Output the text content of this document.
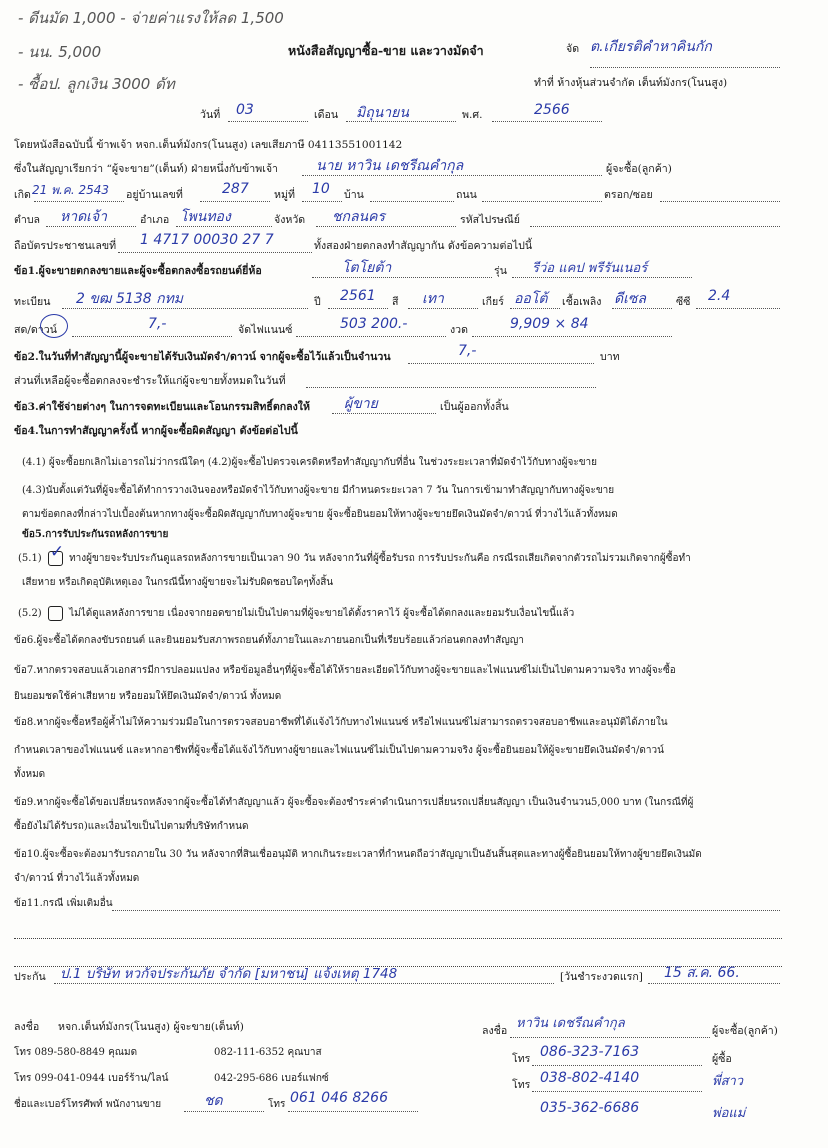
- ดีนมัด 1,000 - จ่ายค่าแรงให้ลด 1,500
- นน. 5,000
- ซื้อป. ลูกเงิน 3000 ดัท
หนังสือสัญญาซื้อ-ขาย และวางมัดจำ	จัด ต.เกียรติคำหาคินกัก
ทำที่ ห้างหุ้นส่วนจำกัด เต็นท์มังกร(โนนสูง)
วันที่ 03	เดือน มิถุนายน	พ.ศ.	2566
โดยหนังสือฉบับนี้ ข้าพเจ้า หจก.เต็นท์มังกร(โนนสูง) เลขเสียภาษี 04113551001142
ซึ่งในสัญญาเรียกว่า “ผู้จะขาย”(เต็นท์) ฝ่ายหนึ่งกับข้าพเจ้า	นาย หาวิน เดชรีณคำกุล	ผู้จะซื้อ(ลูกค้า)
เกิด 21 พ.ค. 2543 อยู่บ้านเลขที่	287 หมู่ที่ 10 บ้าน	ถนน	ตรอก/ซอย
ตำบล หาดเจ้า	อำเภอ โพนทอง	จังหวัด ชกลนคร	รหัสไปรษณีย์
ถือบัตรประชาชนเลขที่ 1 4717 00030 27 7	ทั้งสองฝ่ายตกลงทำสัญญากัน ดังข้อความต่อไปนี้
ข้อ1.ผู้จะขายตกลงขายและผู้จะซื้อตกลงซื้อรถยนต์ยี่ห้อ	โตโยต้า	รุ่น รีว่อ แคป พรีรันเนอร์
ทะเบียน 2 ขฒ 5138 กทม	ปี 2561 สี เทา	เกียร์ ออโต้ เชื้อเพลิง ดีเซล	ซีซี 2.4
สด/ดาวน์	7,-	จัดไฟแนนซ์	503 200.-	งวด	9,909 × 84
ข้อ2.ในวันที่ทำสัญญานี้ผู้จะขายได้รับเงินมัดจำ/ดาวน์ จากผู้จะซื้อไว้แล้วเป็นจำนวน	7,-	บาท
ส่วนที่เหลือผู้จะซื้อตกลงจะชำระให้แก่ผู้จะขายทั้งหมดในวันที่
ข้อ3.ค่าใช้จ่ายต่างๆ ในการจดทะเบียนและโอนกรรมสิทธิ์ตกลงให้ ผู้ขาย	เป็นผู้ออกทั้งสิ้น
ข้อ4.ในการทำสัญญาครั้งนี้ หากผู้จะซื้อผิดสัญญา ดังข้อต่อไปนี้
(4.1) ผู้จะซื้อยกเลิกไม่เอารถไม่ว่ากรณีใดๆ (4.2)ผู้จะซื้อไปตรวจเครดิตหรือทำสัญญากับที่อื่น ในช่วงระยะเวลาที่มัดจำไว้กับทางผู้จะขาย
(4.3)นับตั้งแต่วันที่ผู้จะซื้อได้ทำการวางเงินจองหรือมัดจำไว้กับทางผู้จะขาย มีกำหนดระยะเวลา 7 วัน ในการเข้ามาทำสัญญากับทางผู้จะขาย
ตามข้อตกลงที่กล่าวไปเบื้องต้นหากทางผู้จะซื้อผิดสัญญากับทางผู้จะขาย ผู้จะซื้อยินยอมให้ทางผู้จะขายยึดเงินมัดจำ/ดาวน์ ที่วางไว้แล้วทั้งหมด
ข้อ5.การรับประกันรถหลังการขาย
(5.1) ✓	ทางผู้ขายจะรับประกันดูแลรถหลังการขายเป็นเวลา 90 วัน หลังจากวันที่ผู้ซื้อรับรถ การรับประกันคือ กรณีรถเสียเกิดจากตัวรถไม่รวมเกิดจากผู้ซื้อทำ
เสียหาย หรือเกิดอุบัติเหตุเอง ในกรณีนี้ทางผู้ขายจะไม่รับผิดชอบใดๆทั้งสิ้น
(5.2)	ไม่ได้ดูแลหลังการขาย เนื่องจากยอดขายไม่เป็นไปตามที่ผู้จะขายได้ตั้งราคาไว้ ผู้จะซื้อได้ตกลงและยอมรับเงื่อนไขนี้แล้ว
ข้อ6.ผู้จะซื้อได้ตกลงขับรถยนต์ และยินยอมรับสภาพรถยนต์ทั้งภายในและภายนอกเป็นที่เรียบร้อยแล้วก่อนตกลงทำสัญญา
ข้อ7.หากตรวจสอบแล้วเอกสารมีการปลอมแปลง หรือข้อมูลอื่นๆที่ผู้จะซื้อได้ให้รายละเอียดไว้กับทางผู้จะขายและไฟแนนซ์ไม่เป็นไปตามความจริง ทางผู้จะซื้อ
ยินยอมชดใช้ค่าเสียหาย หรือยอมให้ยึดเงินมัดจำ/ดาวน์ ทั้งหมด
ข้อ8.หากผู้จะซื้อหรือผู้ค้ำไม่ให้ความร่วมมือในการตรวจสอบอาชีพที่ได้แจ้งไว้กับทางไฟแนนซ์ หรือไฟแนนซ์ไม่สามารถตรวจสอบอาชีพและอนุมัติได้ภายใน
กำหนดเวลาของไฟแนนซ์ และหากอาชีพที่ผู้จะซื้อได้แจ้งไว้กับทางผู้ขายและไฟแนนซ์ไม่เป็นไปตามความจริง ผู้จะซื้อยินยอมให้ผู้จะขายยึดเงินมัดจำ/ดาวน์
ทั้งหมด
ข้อ9.หากผู้จะซื้อได้ขอเปลี่ยนรถหลังจากผู้จะซื้อได้ทำสัญญาแล้ว ผู้จะซื้อจะต้องชำระค่าดำเนินการเปลี่ยนรถเปลี่ยนสัญญา เป็นเงินจำนวน5,000 บาท (ในกรณีที่ผู้
ซื้อยังไม่ได้รับรถ)และเงื่อนไขเป็นไปตามที่บริษัทกำหนด
ข้อ10.ผู้จะซื้อจะต้องมารับรถภายใน 30 วัน หลังจากที่สินเชื่ออนุมัติ หากเกินระยะเวลาที่กำหนดถือว่าสัญญาเป็นอันสิ้นสุดและทางผู้ซื้อยินยอมให้ทางผู้ขายยึดเงินมัด
จำ/ดาวน์ ที่วางไว้แล้วทั้งหมด
ข้อ11.กรณี เพิ่มเติมอื่น
ประกัน ป.1 บริษัท หวกัจประกันภัย จำกัด [มหาชน] แจ้งเหตุ 1748	[วันชำระงวดแรก] 15 ส.ค. 66.
ลงชื่อ หจก.เต็นท์มังกร(โนนสูง) ผู้จะขาย(เต็นท์)
โทร 089-580-8849 คุณมด	082-111-6352 คุณบาส
โทร 099-041-0944 เบอร์ร้าน/ไลน์	042-295-686 เบอร์แฟกซ์
ชื่อและเบอร์โทรศัพท์ พนักงานขาย	ชด	โทร 061 046 8266
ลงชื่อ หาวิน เดชรีณคำกุล	ผู้จะซื้อ(ลูกค้า)
โทร 086-323-7163	ผู้ซื้อ
โทร 038-802-4140	พี่สาว
035-362-6686	พ่อแม่
